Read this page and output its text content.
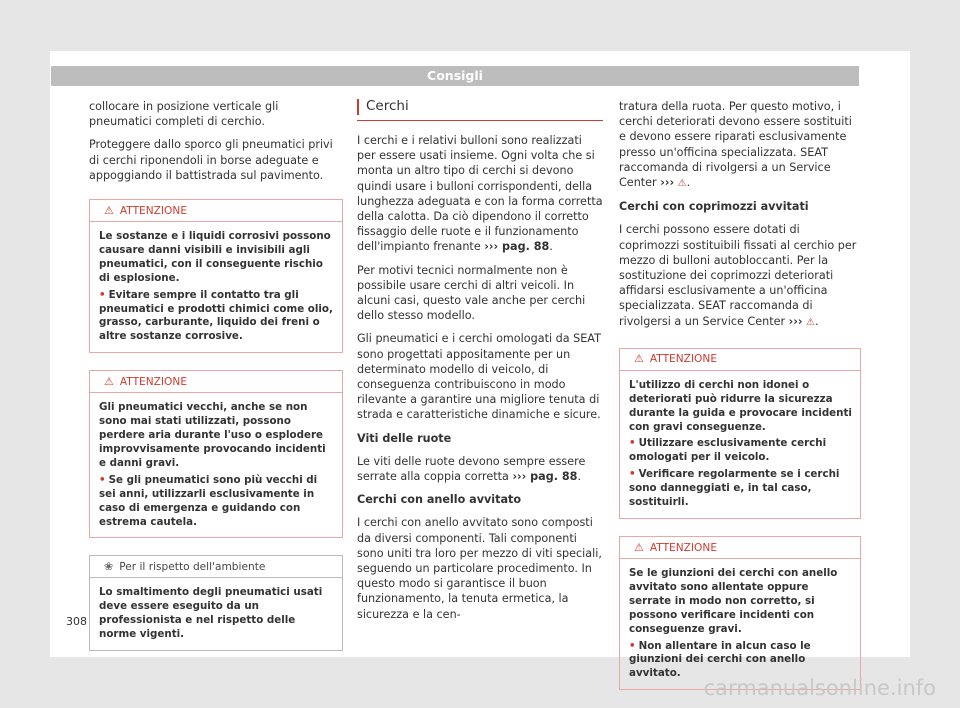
Consigli

collocare in posizione verticale gli pneumatici completi di cerchio.

Proteggere dallo sporco gli pneumatici privi di cerchi riponendoli in borse adeguate e appoggiando il battistrada sul pavimento.

⚠ ATTENZIONE

Le sostanze e i liquidi corrosivi possono causare danni visibili e invisibili agli pneumatici, con il conseguente rischio di esplosione.

• Evitare sempre il contatto tra gli pneumatici e prodotti chimici come olio, grasso, carburante, liquido dei freni o altre sostanze corrosive.

⚠ ATTENZIONE

Gli pneumatici vecchi, anche se non sono mai stati utilizzati, possono perdere aria durante l'uso o esplodere improvvisamente provocando incidenti e danni gravi.

• Se gli pneumatici sono più vecchi di sei anni, utilizzarli esclusivamente in caso di emergenza e guidando con estrema cautela.

❀ Per il rispetto dell'ambiente

Lo smaltimento degli pneumatici usati deve essere eseguito da un professionista e nel rispetto delle norme vigenti.

Cerchi

I cerchi e i relativi bulloni sono realizzati per essere usati insieme. Ogni volta che si monta un altro tipo di cerchi si devono quindi usare i bulloni corrispondenti, della lunghezza adeguata e con la forma corretta della calotta. Da ciò dipendono il corretto fissaggio delle ruote e il funzionamento dell'impianto frenante ››› pag. 88.

Per motivi tecnici normalmente non è possibile usare cerchi di altri veicoli. In alcuni casi, questo vale anche per cerchi dello stesso modello.

Gli pneumatici e i cerchi omologati da SEAT sono progettati appositamente per un determinato modello di veicolo, di conseguenza contribuiscono in modo rilevante a garantire una migliore tenuta di strada e caratteristiche dinamiche e sicure.

Viti delle ruote

Le viti delle ruote devono sempre essere serrate alla coppia corretta ››› pag. 88.

Cerchi con anello avvitato

I cerchi con anello avvitato sono composti da diversi componenti. Tali componenti sono uniti tra loro per mezzo di viti speciali, seguendo un particolare procedimento. In questo modo si garantisce il buon funzionamento, la tenuta ermetica, la sicurezza e la cen-

tratura della ruota. Per questo motivo, i cerchi deteriorati devono essere sostituiti e devono essere riparati esclusivamente presso un'officina specializzata. SEAT raccomanda di rivolgersi a un Service Center ››› ⚠.

Cerchi con coprimozzi avvitati

I cerchi possono essere dotati di coprimozzi sostituibili fissati al cerchio per mezzo di bulloni autobloccanti. Per la sostituzione dei coprimozzi deteriorati affidarsi esclusivamente a un'officina specializzata. SEAT raccomanda di rivolgersi a un Service Center ››› ⚠.

⚠ ATTENZIONE

L'utilizzo di cerchi non idonei o deteriorati può ridurre la sicurezza durante la guida e provocare incidenti con gravi conseguenze.

• Utilizzare esclusivamente cerchi omologati per il veicolo.

• Verificare regolarmente se i cerchi sono danneggiati e, in tal caso, sostituirli.

⚠ ATTENZIONE

Se le giunzioni dei cerchi con anello avvitato sono allentate oppure serrate in modo non corretto, si possono verificare incidenti con conseguenze gravi.

• Non allentare in alcun caso le giunzioni dei cerchi con anello avvitato.

308
carmanualsonline.info
